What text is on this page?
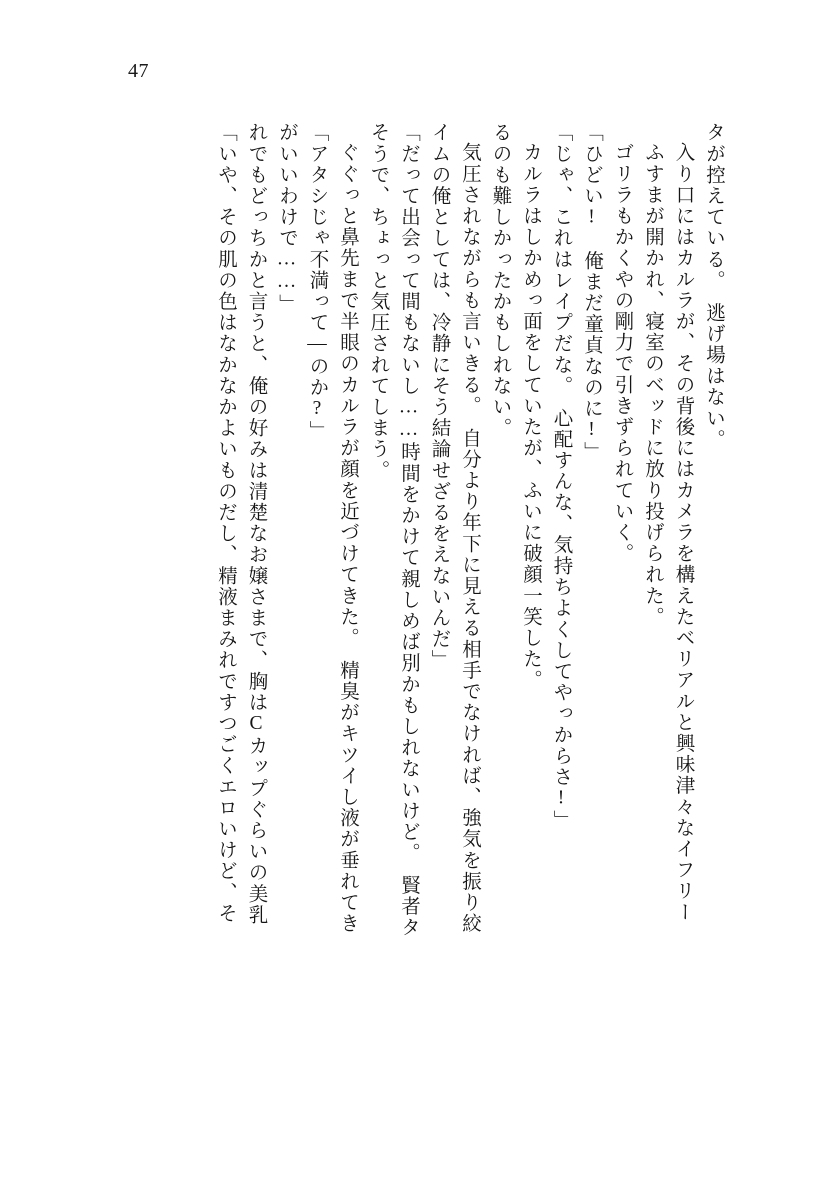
47
「いや、その肌の色はなかなかよいものだし、精液まみれですつごくエロいけど、そ れでもどっちかと言うと、俺の好みは清楚なお嬢さまで、胸はCカップぐらいの美乳 がいいわけで……」 「アタシじゃ不満って―のか?」 ぐぐっと鼻先まで半眼のカルラが顔を近づけてきた。　精臭がキツイし液が垂れてき そうで、ちょっと気圧されてしまう。 「だって出会って間もないし……時間をかけて親しめば別かもしれないけど。　賢者タ イムの俺としては、冷静にそう結論せざるをえないんだ」 気圧されながらも言いきる。　自分より年下に見える相手でなければ、強気を振り絞 るのも難しかったかもしれない。 カルラはしかめっ面をしていたが、ふいに破顔一笑した。 「じゃ、これはレイプだな。　心配すんな、気持ちよくしてやっからさ!」 「ひどい!　俺まだ童貞なのに!」 ゴリラもかくやの剛力で引きずられていく。 ふすまが開かれ、寝室のベッドに放り投げられた。 入り口にはカルラが、その背後にはカメラを構えたベリアルと興味津々なイフリー タが控えている。　逃げ場はない。
